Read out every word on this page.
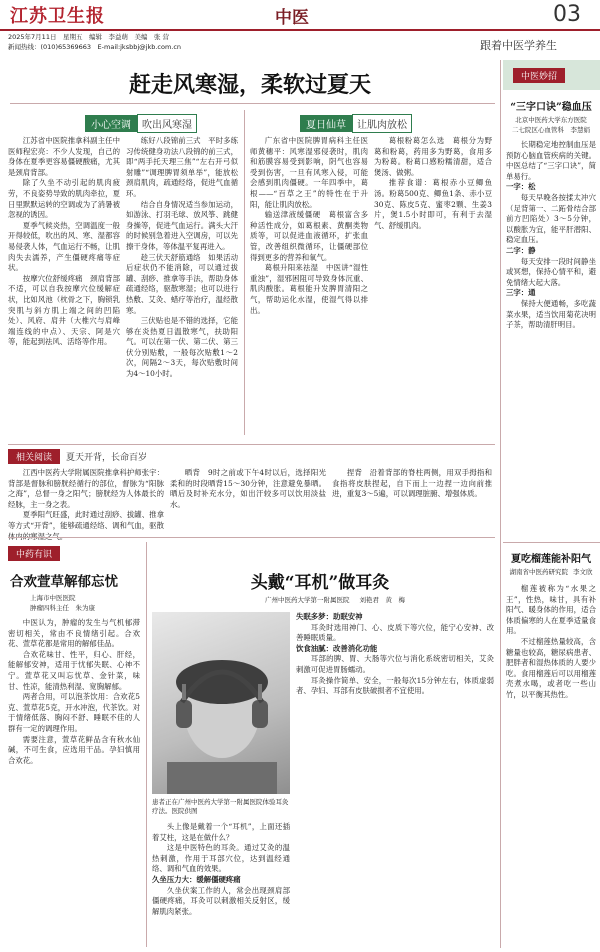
江苏卫生报	中医	03
2025年7月11日　星期五　编辑　李益萌　美编　张 营
新闻热线：(010)65369663　E-mail:jksbbj@jkb.com.cn	跟着中医学养生
赶走风寒湿，柔软过夏天
小心空调	吹出风寒湿	夏日仙草	让肌肉放松

江苏省中医院推拿科副主任中医师程宏亮：不少人发现，自己的身体在夏季更容易僵硬酸痛，尤其是颈肩背部。

除了久坐不动引起的肌肉疲劳，不良姿势导致的肌肉牵拉，夏日里默默运转的空调或为了消暑被忽视的诱因。

夏季气候炎热，空调温度一般开得较低，吹出的风、寒、湿都容易侵袭人体，气血运行不畅，让肌肉失去濡养，产生僵硬疼痛等症状。

按摩穴位舒缓疼痛　颈肩背部不适，可以自我按摩穴位缓解症状，比如风池（枕骨之下，胸锁乳突肌与斜方肌上端之间的凹陷处）、风府、肩井（大椎穴与肩峰端连线的中点）、天宗、阿是穴等，能起到祛风、活络等作用。

练好八段锦前三式　平时多练习传统健身功法八段锦的前三式，即“两手托天理三焦”“左右开弓似射雕”“调理脾胃须单举”，能放松颈肩肌肉，疏通经络，促进气血循环。

结合自身情况适当参加运动，如游泳、打羽毛球、放风筝、跳健身操等，促进气血运行。满头大汗的时候别急着进入空调房，可以先擦干身体，等体温平复再进入。

趁三伏天舒筋通络　如果活动后症状仍不能消除，可以通过拔罐、刮痧、推拿等手法，帮助身体疏通经络，驱散寒湿；也可以进行热敷、艾灸、蜡疗等治疗，温经散寒。

三伏贴也是不错的选择，它能够在炎热夏日温散寒气，扶助阳气。可以在第一伏、第二伏、第三伏分别贴敷，一般每次贴敷1～2次，间隔2～3天，每次贴敷时间为4～10小时。

广东省中医院脾胃病科主任医师黄穗平：风寒湿邪侵袭时，肌肉和筋膜容易受到影响，阴气也容易受到伤害，一旦有风寒入侵，可能会感到肌肉僵硬。一年四季中，葛根——“百草之王”的特性在于升阳，能让肌肉放松。

输送津液缓僵硬　葛根富含多种活性成分，如葛根素、黄酮类物质等，可以促进血液循环，扩张血管，改善组织微循环，让僵硬部位得到更多的营养和氧气。

葛根升阳来祛湿　中医讲“湿性重浊”，湿邪困阻可导致身体沉重、肌肉酸胀。葛根能升发脾胃清阳之气，帮助运化水湿，使湿气得以排出。

葛根粉葛怎么选　葛根分为野葛和粉葛，药用多为野葛，食用多为粉葛。粉葛口感粉糯清甜，适合煲汤、做粥。

推荐食谱：葛根赤小豆鲫鱼汤。粉葛500克、鲫鱼1条、赤小豆30克、陈皮5克、蜜枣2颗、生姜3片，煲1.5小时即可，有利于去湿气、舒缓肌肉。

相关阅读	夏天开背，长命百岁

江西中医药大学附属医院推拿科护师张宇：背部是督脉和膀胱经循行的部位，督脉为“阳脉之海”，总督一身之阳气；膀胱经为人体最长的经脉，主一身之表。

夏季阳气旺盛，此时通过刮痧、拔罐、推拿等方式“开背”，能够疏通经络、调和气血，驱散体内的寒湿之气。

晒背　9时之前或下午4时以后，选择阳光柔和的时段晒背15～30分钟，注意避免暴晒。晒后及时补充水分，如出汗较多可以饮用淡盐水。

捏背　沿着背部的脊柱两侧，用双手拇指和食指将皮肤捏起，自下而上一边捏一边向前推进，重复3～5遍，可以调理脏腑、增强体质。

中药有识
合欢萱草解郁忘忧
上海市中医医院
肿瘤四科主任　朱为康

中医认为，肿瘤的发生与气机郁滞密切相关，常由不良情绪引起。合欢花、萱草花都是常用的解郁佳品。

合欢花味甘、性平，归心、肝经，能解郁安神，适用于忧郁失眠、心神不宁。萱草花又叫忘忧草、金针菜，味甘、性凉，能清热利湿、宽胸解郁。

两者合用，可以泡茶饮用：合欢花5克、萱草花5克，开水冲泡，代茶饮。对于情绪低落、胸闷不舒、睡眠不佳的人群有一定的调理作用。

需要注意，萱草花鲜品含有秋水仙碱，不可生食，应选用干品。孕妇慎用合欢花。

头戴“耳机”做耳灸
广州中医药大学第一附属医院 刘艳君　黄　梅
患者正在广州中医药大学第一附属医院体验耳灸疗法。医院供图

头上像是戴着一个“耳机”，上面还插着艾柱，这是在做什么？

这是中医特色的耳灸。通过艾灸的温热刺激，作用于耳部穴位，达到温经通络、调和气血的效果。

久坐压力大：缓解僵硬疼痛

久坐伏案工作的人，常会出现颈肩部僵硬疼痛，耳灸可以刺激相关反射区，缓解肌肉紧张。

失眠多梦：助眠安神

耳灸时选用神门、心、皮质下等穴位，能宁心安神、改善睡眠质量。

饮食油腻：改善消化功能

耳部的脾、胃、大肠等穴位与消化系统密切相关，艾灸刺激可促进胃肠蠕动。

耳灸操作简单、安全，一般每次15分钟左右，体质虚弱者、孕妇、耳部有皮肤破损者不宜使用。

中医妙招
“三字口诀”稳血压
北京中医药大学东方医院
二七院区心血管科　李慧娟

长期稳定地控制血压是预防心脑血管疾病的关键。中医总结了“三字口诀”，简单易行。

一字：松

每天早晚各按揉太冲穴（足背第一、二跖骨结合部前方凹陷处）3～5分钟，以酸胀为宜，能平肝潜阳、稳定血压。

二字：静

每天安排一段时间静坐或冥想，保持心情平和，避免情绪大起大落。

三字：通

保持大便通畅，多吃蔬菜水果，适当饮用菊花决明子茶，帮助清肝明目。

夏吃榴莲能补阳气
湖南省中医药研究院 李文欣

榴莲被称为“水果之王”，性热，味甘，具有补阳气、暖身体的作用，适合体质偏寒的人在夏季适量食用。

不过榴莲热量较高，含糖量也较高，糖尿病患者、肥胖者和湿热体质的人要少吃。食用榴莲后可以用榴莲壳煮水喝，或者吃一些山竹，以平衡其热性。
